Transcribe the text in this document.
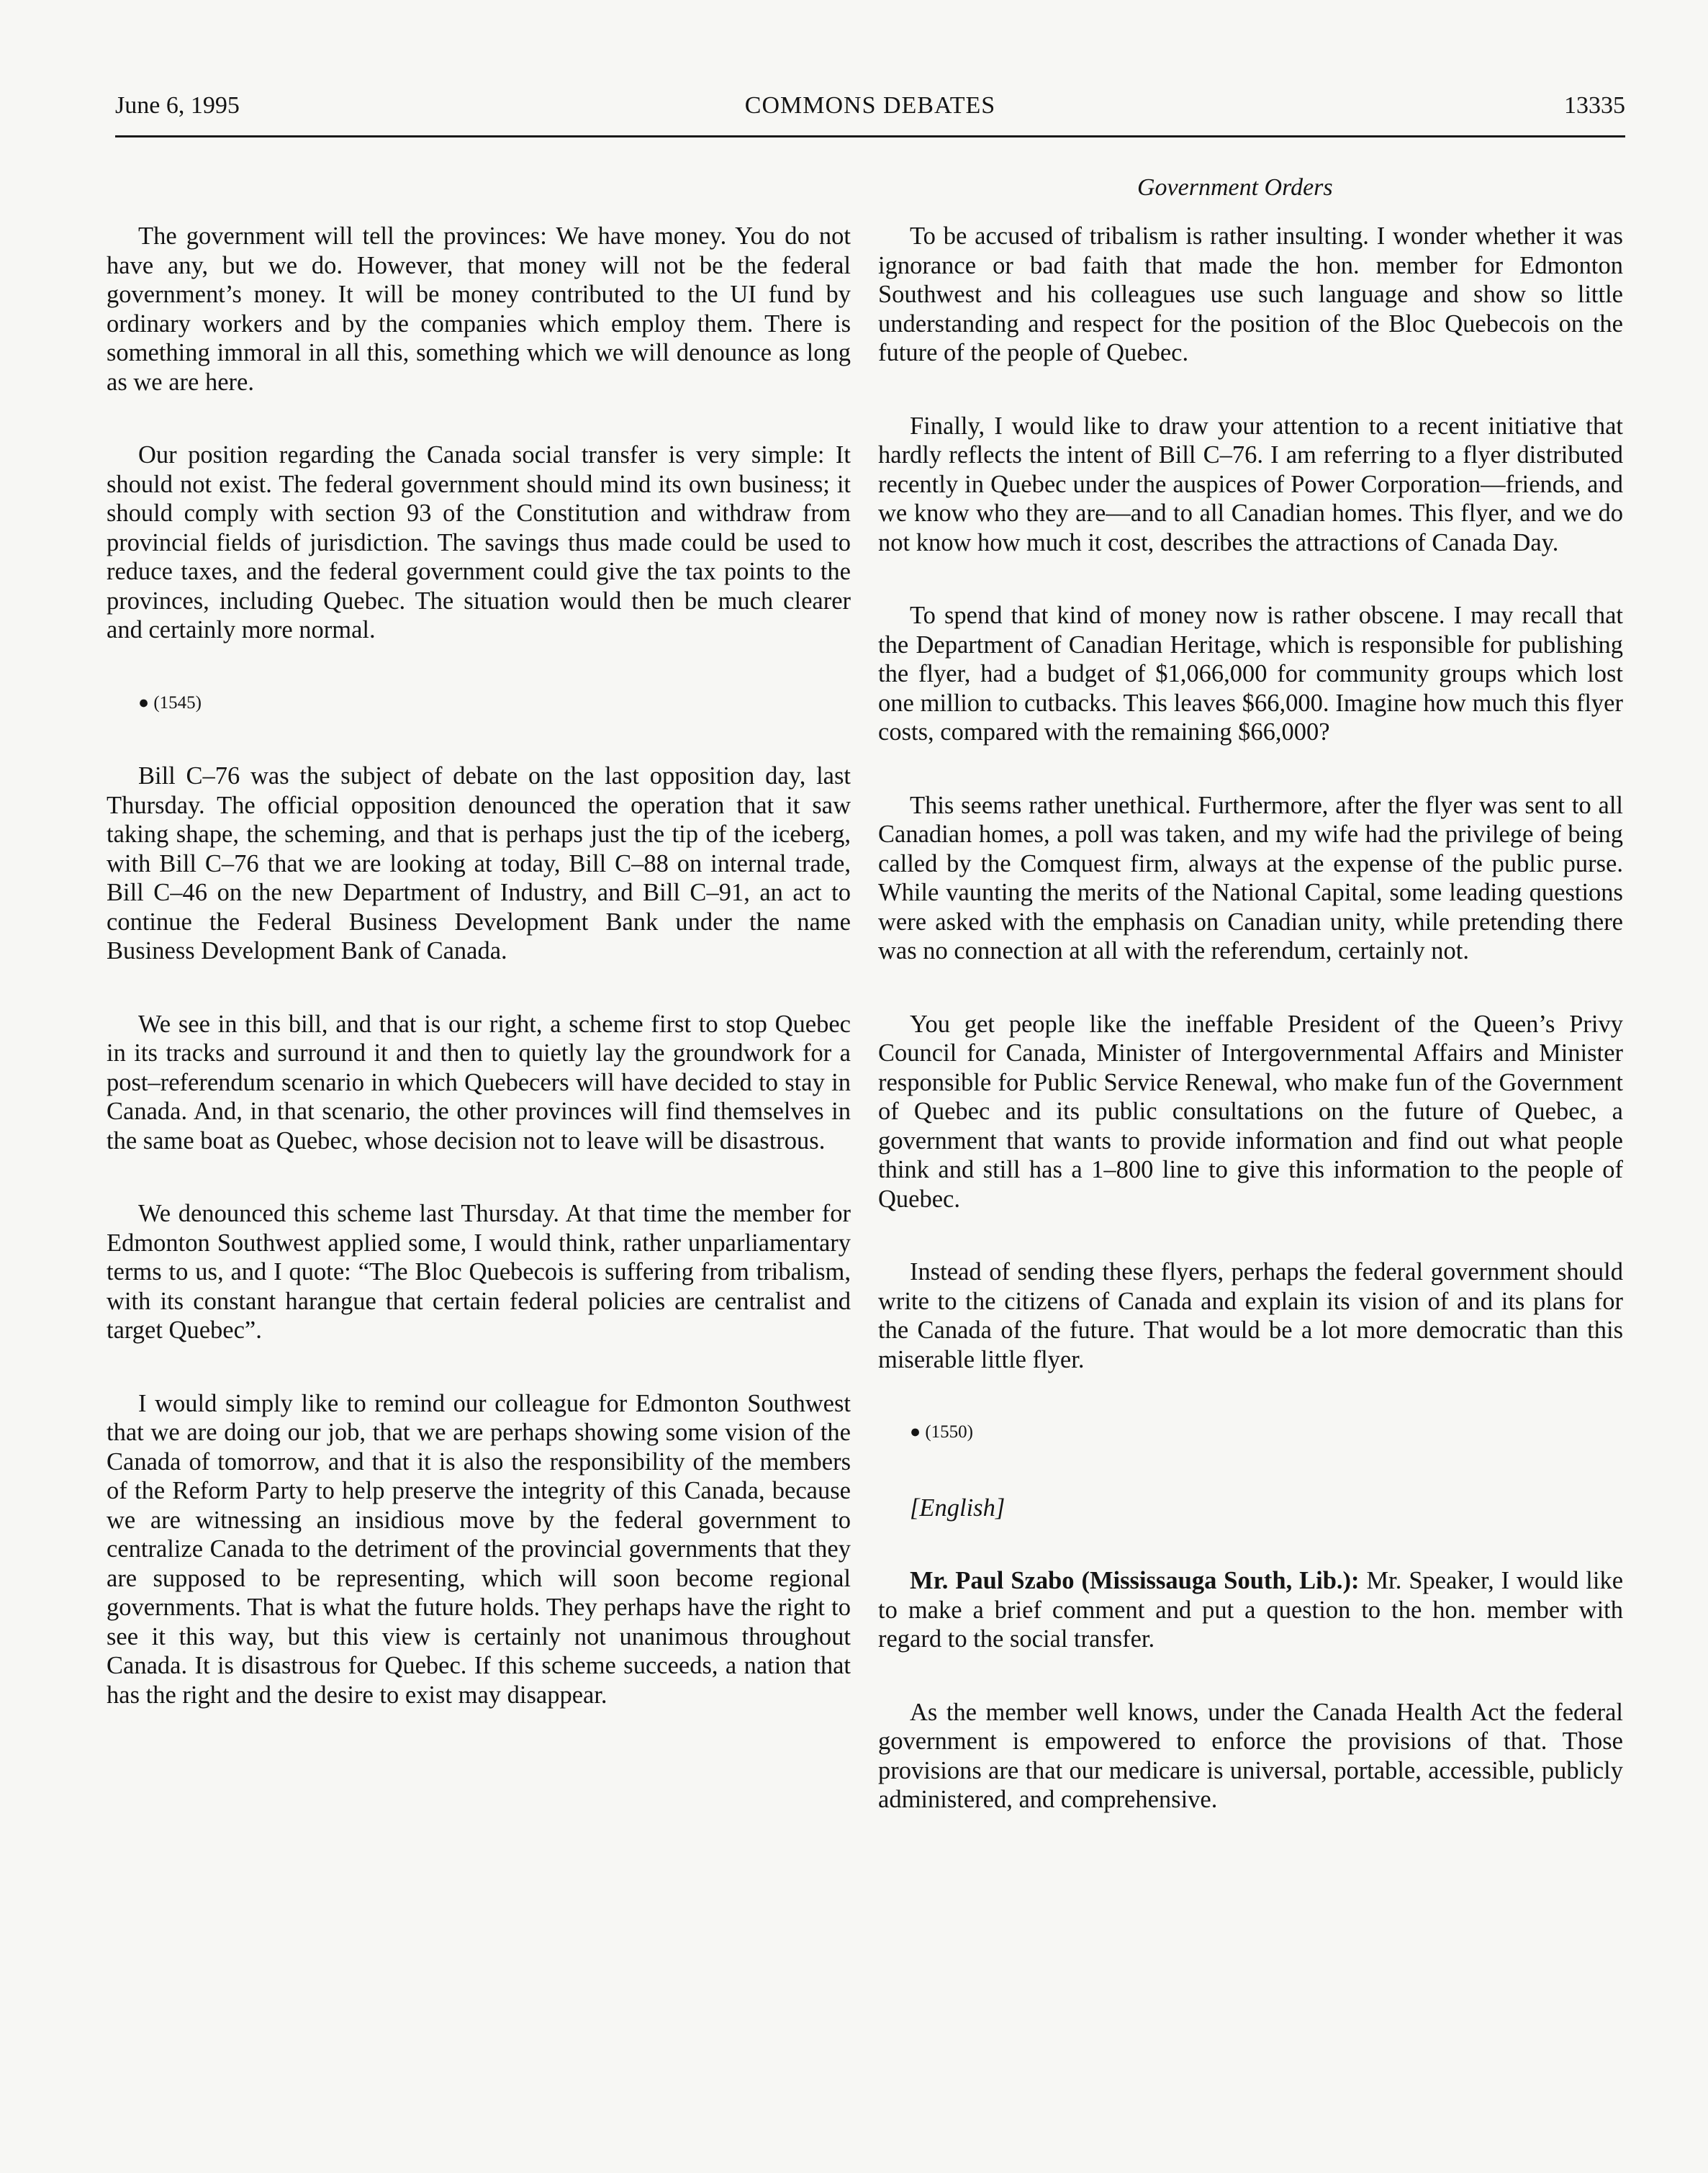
June 6, 1995	COMMONS DEBATES	13335
Government Orders

The government will tell the provinces: We have money. You do not have any, but we do. However, that money will not be the federal government’s money. It will be money contributed to the UI fund by ordinary workers and by the companies which employ them. There is something immoral in all this, something which we will denounce as long as we are here.

Our position regarding the Canada social transfer is very simple: It should not exist. The federal government should mind its own business; it should comply with section 93 of the Constitution and withdraw from provincial fields of jurisdiction. The savings thus made could be used to reduce taxes, and the federal government could give the tax points to the provinces, including Quebec. The situation would then be much clearer and certainly more normal.

● (1545)

Bill C–76 was the subject of debate on the last opposition day, last Thursday. The official opposition denounced the operation that it saw taking shape, the scheming, and that is perhaps just the tip of the iceberg, with Bill C–76 that we are looking at today, Bill C–88 on internal trade, Bill C–46 on the new Department of Industry, and Bill C–91, an act to continue the Federal Business Development Bank under the name Business Development Bank of Canada.

We see in this bill, and that is our right, a scheme first to stop Quebec in its tracks and surround it and then to quietly lay the groundwork for a post–referendum scenario in which Quebecers will have decided to stay in Canada. And, in that scenario, the other provinces will find themselves in the same boat as Quebec, whose decision not to leave will be disastrous.

We denounced this scheme last Thursday. At that time the member for Edmonton Southwest applied some, I would think, rather unparliamentary terms to us, and I quote: “The Bloc Quebecois is suffering from tribalism, with its constant harangue that certain federal policies are centralist and target Quebec”.

I would simply like to remind our colleague for Edmonton Southwest that we are doing our job, that we are perhaps showing some vision of the Canada of tomorrow, and that it is also the responsibility of the members of the Reform Party to help preserve the integrity of this Canada, because we are witnessing an insidious move by the federal government to centralize Canada to the detriment of the provincial governments that they are supposed to be representing, which will soon become regional governments. That is what the future holds. They perhaps have the right to see it this way, but this view is certainly not unanimous throughout Canada. It is disastrous for Quebec. If this scheme succeeds, a nation that has the right and the desire to exist may disappear.

To be accused of tribalism is rather insulting. I wonder whether it was ignorance or bad faith that made the hon. member for Edmonton Southwest and his colleagues use such language and show so little understanding and respect for the position of the Bloc Quebecois on the future of the people of Quebec.

Finally, I would like to draw your attention to a recent initiative that hardly reflects the intent of Bill C–76. I am referring to a flyer distributed recently in Quebec under the auspices of Power Corporation—friends, and we know who they are—and to all Canadian homes. This flyer, and we do not know how much it cost, describes the attractions of Canada Day.

To spend that kind of money now is rather obscene. I may recall that the Department of Canadian Heritage, which is responsible for publishing the flyer, had a budget of $1,066,000 for community groups which lost one million to cutbacks. This leaves $66,000. Imagine how much this flyer costs, compared with the remaining $66,000?

This seems rather unethical. Furthermore, after the flyer was sent to all Canadian homes, a poll was taken, and my wife had the privilege of being called by the Comquest firm, always at the expense of the public purse. While vaunting the merits of the National Capital, some leading questions were asked with the emphasis on Canadian unity, while pretending there was no connection at all with the referendum, certainly not.

You get people like the ineffable President of the Queen’s Privy Council for Canada, Minister of Intergovernmental Affairs and Minister responsible for Public Service Renewal, who make fun of the Government of Quebec and its public consultations on the future of Quebec, a government that wants to provide information and find out what people think and still has a 1–800 line to give this information to the people of Quebec.

Instead of sending these flyers, perhaps the federal government should write to the citizens of Canada and explain its vision of and its plans for the Canada of the future. That would be a lot more democratic than this miserable little flyer.

● (1550)

[English]

Mr. Paul Szabo (Mississauga South, Lib.): Mr. Speaker, I would like to make a brief comment and put a question to the hon. member with regard to the social transfer.

As the member well knows, under the Canada Health Act the federal government is empowered to enforce the provisions of that. Those provisions are that our medicare is universal, portable, accessible, publicly administered, and comprehensive.
